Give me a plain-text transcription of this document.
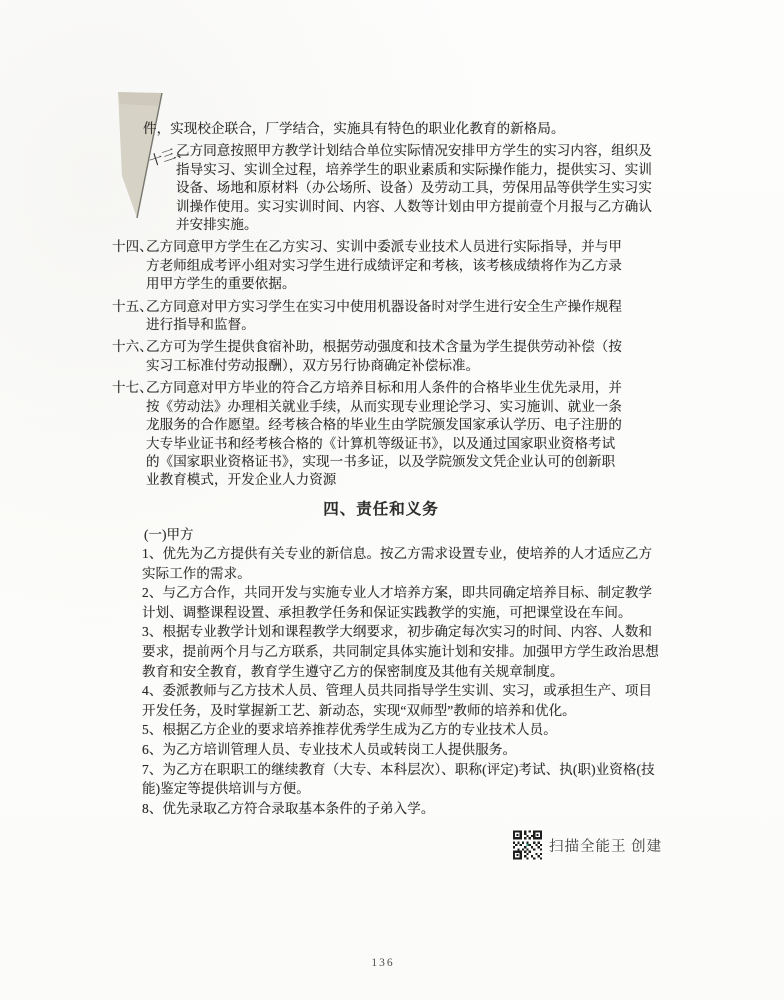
十三、
件，实现校企联合，厂学结合，实施具有特色的职业化教育的新格局。
乙方同意按照甲方教学计划结合单位实际情况安排甲方学生的实习内容，组织及
指导实习、实训全过程，培养学生的职业素质和实际操作能力，提供实习、实训
设备、场地和原材料（办公场所、设备）及劳动工具，劳保用品等供学生实习实
训操作使用。实习实训时间、内容、人数等计划由甲方提前壹个月报与乙方确认
并安排实施。
十四、
乙方同意甲方学生在乙方实习、实训中委派专业技术人员进行实际指导，并与甲
方老师组成考评小组对实习学生进行成绩评定和考核，该考核成绩将作为乙方录
用甲方学生的重要依据。
十五、
乙方同意对甲方实习学生在实习中使用机器设备时对学生进行安全生产操作规程
进行指导和监督。
十六、
乙方可为学生提供食宿补助，根据劳动强度和技术含量为学生提供劳动补偿（按
实习工标准付劳动报酬），双方另行协商确定补偿标准。
十七、
乙方同意对甲方毕业的符合乙方培养目标和用人条件的合格毕业生优先录用，并
按《劳动法》办理相关就业手续，从而实现专业理论学习、实习施训、就业一条
龙服务的合作愿望。经考核合格的毕业生由学院颁发国家承认学历、电子注册的
大专毕业证书和经考核合格的《计算机等级证书》，以及通过国家职业资格考试
的《国家职业资格证书》，实现一书多证，以及学院颁发文凭企业认可的创新职
业教育模式，开发企业人力资源
四、责任和义务
(一)甲方
1、优先为乙方提供有关专业的新信息。按乙方需求设置专业，使培养的人才适应乙方
实际工作的需求。
2、与乙方合作，共同开发与实施专业人才培养方案，即共同确定培养目标、制定教学
计划、调整课程设置、承担教学任务和保证实践教学的实施，可把课堂设在车间。
3、根据专业教学计划和课程教学大纲要求，初步确定每次实习的时间、内容、人数和
要求，提前两个月与乙方联系，共同制定具体实施计划和安排。加强甲方学生政治思想
教育和安全教育，教育学生遵守乙方的保密制度及其他有关规章制度。
4、委派教师与乙方技术人员、管理人员共同指导学生实训、实习，或承担生产、项目
开发任务，及时掌握新工艺、新动态，实现“双师型”教师的培养和优化。
5、根据乙方企业的要求培养推荐优秀学生成为乙方的专业技术人员。
6、为乙方培训管理人员、专业技术人员或转岗工人提供服务。
7、为乙方在职职工的继续教育（大专、本科层次）、职称(评定)考试、执(职)业资格(技
能)鉴定等提供培训与方便。
8、优先录取乙方符合录取基本条件的子弟入学。
扫描全能王 创建
136
